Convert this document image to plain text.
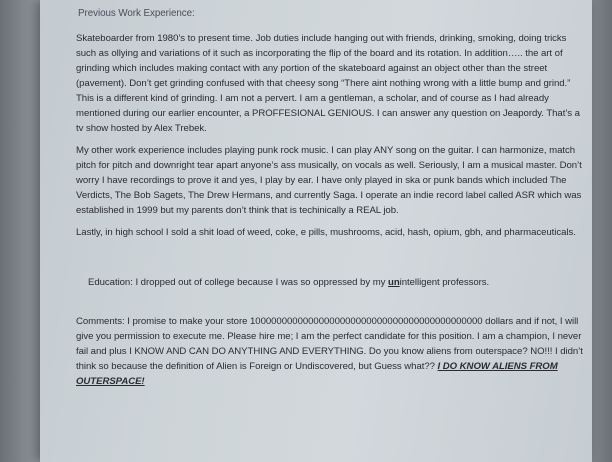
Previous Work Experience:

Skateboarder from 1980’s to present time. Job duties include hanging out with friends, drinking, smoking, doing tricks such as ollying and variations of it such as incorporating the flip of the board and its rotation. In addition….. the art of grinding which includes making contact with any portion of the skateboard against an object other than the street (pavement). Don’t get grinding confused with that cheesy song “There aint nothing wrong with a little bump and grind.” This is a different kind of grinding. I am not a pervert. I am a gentleman, a scholar, and of course as I had already mentioned during our earlier encounter, a PROFFESIONAL GENIOUS. I can answer any question on Jeapordy. That’s a tv show hosted by Alex Trebek.

My other work experience includes playing punk rock music. I can play ANY song on the guitar. I can harmonize, match pitch for pitch and downright tear apart anyone’s ass musically, on vocals as well. Seriously, I am a musical master. Don’t worry I have recordings to prove it and yes, I play by ear. I have only played in ska or punk bands which included The Verdicts, The Bob Sagets, The Drew Hermans, and currently Saga. I operate an indie record label called ASR which was established in 1999 but my parents don’t think that is techinically a REAL job.

Lastly, in high school I sold a shit load of weed, coke, e pills, mushrooms, acid, hash, opium, gbh, and pharmaceuticals.

Education: I dropped out of college because I was so oppressed by my unintelligent professors.

Comments: I promise to make your store 10000000000000000000000000000000000000000000 dollars and if not, I will give you permission to execute me. Please hire me; I am the perfect candidate for this position. I am a champion, I never fail and plus I KNOW AND CAN DO ANYTHING AND EVERYTHING. Do you know aliens from outerspace? NO!!! I didn’t think so because the definition of Alien is Foreign or Undiscovered, but Guess what?? I DO KNOW ALIENS FROM OUTERSPACE!
